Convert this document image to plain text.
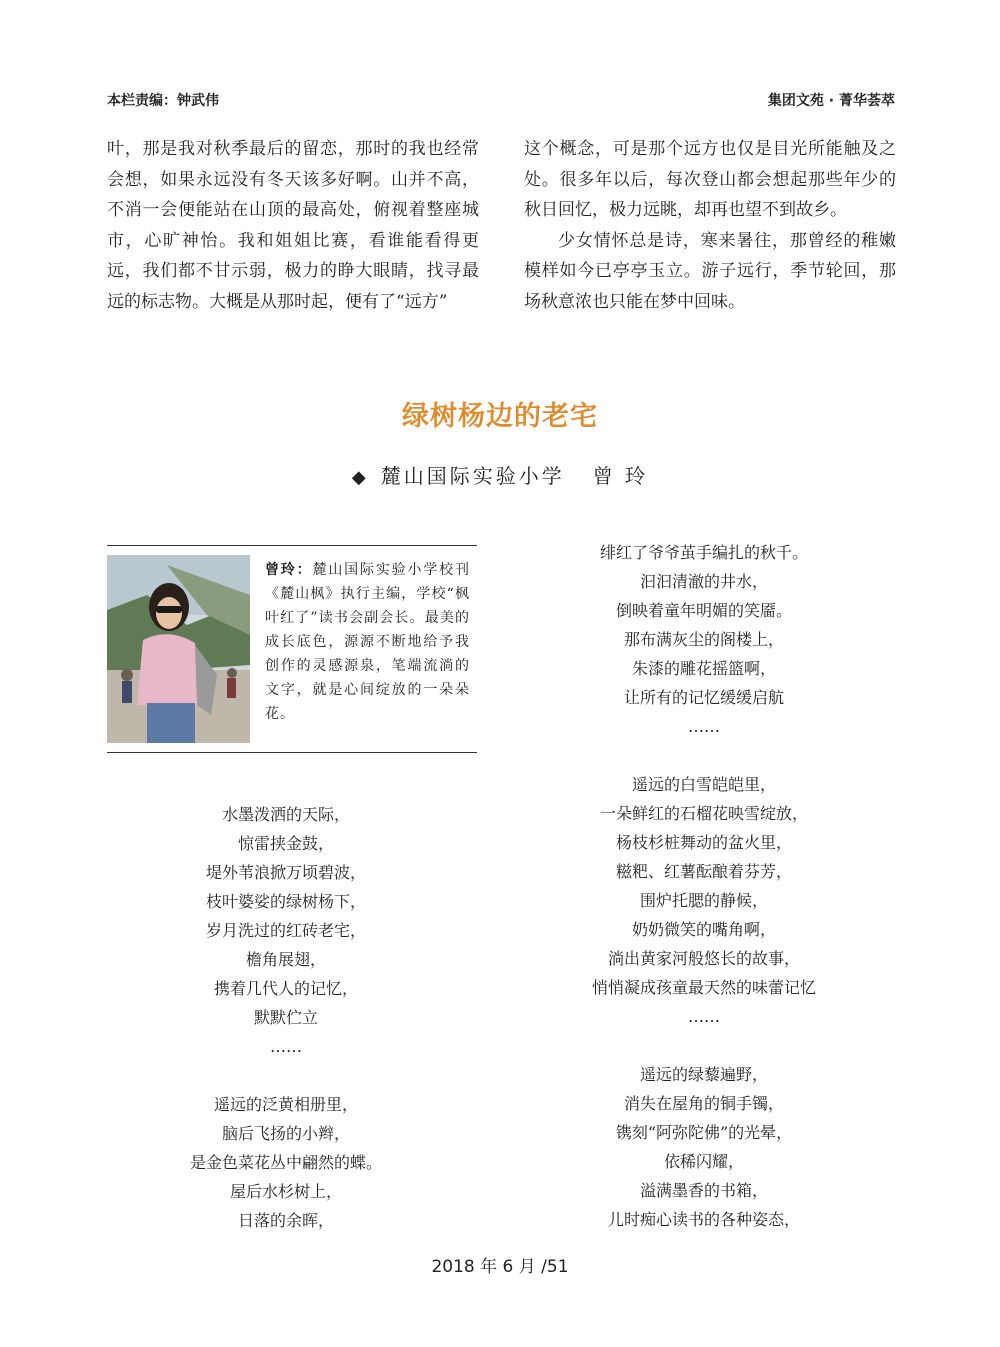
本栏责编：钟武伟	集团文苑 · 菁华荟萃

叶，那是我对秋季最后的留恋，那时的我也经常会想，如果永远没有冬天该多好啊。山并不高，不消一会便能站在山顶的最高处，俯视着整座城市，心旷神怡。我和姐姐比赛，看谁能看得更远，我们都不甘示弱，极力的睁大眼睛，找寻最远的标志物。大概是从那时起，便有了“远方”

这个概念，可是那个远方也仅是目光所能触及之处。很多年以后，每次登山都会想起那些年少的秋日回忆，极力远眺，却再也望不到故乡。

少女情怀总是诗，寒来暑往，那曾经的稚嫩模样如今已亭亭玉立。游子远行，季节轮回，那场秋意浓也只能在梦中回味。

绿树杨边的老宅
◆ 麓山国际实验小学 曾 玲
曾玲：麓山国际实验小学校刊《麓山枫》执行主编，学校“枫叶红了”读书会副会长。最美的成长底色，源源不断地给予我创作的灵感源泉，笔端流淌的文字，就是心间绽放的一朵朵花。
水墨泼洒的天际，
惊雷挟金鼓，
堤外苇浪掀万顷碧波，
枝叶婆娑的绿树杨下，
岁月洗过的红砖老宅，
檐角展翅，
携着几代人的记忆，
默默伫立
……
遥远的泛黄相册里，
脑后飞扬的小辫，
是金色菜花丛中翩然的蝶。
屋后水杉树上，
日落的余晖，
绯红了爷爷茧手编扎的秋千。
汩汩清澈的井水，
倒映着童年明媚的笑靥。
那布满灰尘的阁楼上，
朱漆的雕花摇篮啊，
让所有的记忆缓缓启航
……
遥远的白雪皑皑里，
一朵鲜红的石榴花映雪绽放，
杨枝杉桩舞动的盆火里，
糍粑、红薯酝酿着芬芳，
围炉托腮的静候，
奶奶微笑的嘴角啊，
淌出黄家河般悠长的故事，
悄悄凝成孩童最天然的味蕾记忆
……
遥远的绿藜遍野，
消失在屋角的铜手镯，
镌刻“阿弥陀佛”的光晕，
依稀闪耀，
溢满墨香的书箱，
儿时痴心读书的各种姿态，
2018 年 6 月 /51
